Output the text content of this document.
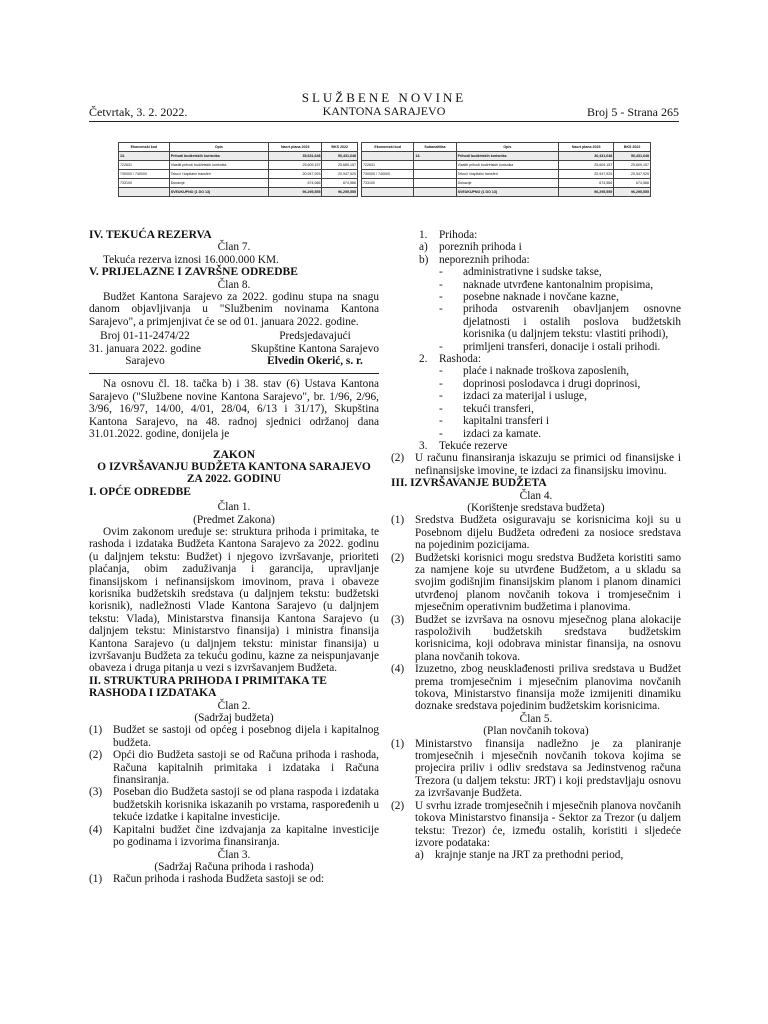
SLUŽBENE NOVINE
KANTONA SARAJEVO
Četvrtak, 3. 2. 2022.	Broj 5 - Strana 265
Ekonomski kod	Opis	Nacrt plana 2023	BKS 2022
13.	Prihodi budžetskih korisnika	35,631,648	50,431,648
722631	Vlastiti prihodi budžetskih korisnika	25,609,157	25,689,157
730000 / 740000	Tekući i kapitalni transferi	20,947,925	20,947,925
733100	Donacije	674,566	674,566
	SVEUKUPNO (1 DO 13)	96,295,555	96,295,555
Ekonomski kod	Subanalitika	Opis	Nacrt plana 2023	BKS 2022
	13.	Prihodi budžetskih korisnika	30,431,648	50,431,648
722631		Vlastiti prihodi budžetskih korisnika	25,609,157	25,609,157
730000 / 740000		Tekući i kapitalni transferi	20,947,925	20,947,925
733100		Donacije	674,566	674,566
		SVEUKUPNO (1 DO 13)	96,295,555	96,295,555

IV. TEKUĆA REZERVA

Član 7.

Tekuća rezerva iznosi 16.000.000 KM.

V. PRIJELAZNE I ZAVRŠNE ODREDBE

Član 8.

Budžet Kantona Sarajevo za 2022. godinu stupa na snagu danom objavljivanja u "Službenim novinama Kantona Sarajevo", a primjenjivat će se od 01. januara 2022. godine.

Broj 01-11-2474/22

31. januara 2022. godine

Sarajevo

Predsjedavajući

Skupštine Kantona Sarajevo

Elvedin Okerić, s. r.

Na osnovu čl. 18. tačka b) i 38. stav (6) Ustava Kantona Sarajevo ("Službene novine Kantona Sarajevo", br. 1/96, 2/96, 3/96, 16/97, 14/00, 4/01, 28/04, 6/13 i 31/17), Skupština Kantona Sarajevo, na 48. radnoj sjednici održanoj dana 31.01.2022. godine, donijela je

ZAKON

O IZVRŠAVANJU BUDŽETA KANTONA SARAJEVO ZA 2022. GODINU

I. OPĆE ODREDBE

Član 1.

(Predmet Zakona)

Ovim zakonom uređuje se: struktura prihoda i primitaka, te rashoda i izdataka Budžeta Kantona Sarajevo za 2022. godinu (u daljnjem tekstu: Budžet) i njegovo izvršavanje, prioriteti plaćanja, obim zaduživanja i garancija, upravljanje finansijskom i nefinansijskom imovinom, prava i obaveze korisnika budžetskih sredstava (u daljnjem tekstu: budžetski korisnik), nadležnosti Vlade Kantona Sarajevo (u daljnjem tekstu: Vlada), Ministarstva finansija Kantona Sarajevo (u daljnjem tekstu: Ministarstvo finansija) i ministra finansija Kantona Sarajevo (u daljnjem tekstu: ministar finansija) u izvršavanju Budžeta za tekuću godinu, kazne za neispunjavanje obaveza i druga pitanja u vezi s izvršavanjem Budžeta.

II. STRUKTURA PRIHODA I PRIMITAKA TE RASHODA I IZDATAKA

Član 2.

(Sadržaj budžeta)

(1) Budžet se sastoji od općeg i posebnog dijela i kapitalnog budžeta.
(2) Opći dio Budžeta sastoji se od Računa prihoda i rashoda, Računa kapitalnih primitaka i izdataka i Računa finansiranja.
(3) Poseban dio Budžeta sastoji se od plana raspoda i izdataka budžetskih korisnika iskazanih po vrstama, raspoređenih u tekuće izdatke i kapitalne investicije.
(4) Kapitalni budžet čine izdvajanja za kapitalne investicije po godinama i izvorima finansiranja.

Član 3.

(Sadržaj Računa prihoda i rashoda)

(1) Račun prihoda i rashoda Budžeta sastoji se od:
1.	Prihoda:
a) poreznih prihoda i
b) neporeznih prihoda:
-	administrativne i sudske takse,
-	naknade utvrđene kantonalnim propisima,
-	posebne naknade i novčane kazne,
-	prihoda ostvarenih obavljanjem osnovne djelatnosti i ostalih poslova budžetskih korisnika (u daljnjem tekstu: vlastiti prihodi),
-	primljeni transferi, donacije i ostali prihodi.
2.	Rashoda:
-	plaće i naknade troškova zaposlenih,
-	doprinosi poslodavca i drugi doprinosi,
-	izdaci za materijal i usluge,
-	tekući transferi,
-	kapitalni transferi i
-	izdaci za kamate.
3.	Tekuće rezerve
(2) U računu finansiranja iskazuju se primici od finansijske i nefinansijske imovine, te izdaci za finansijsku imovinu.

III. IZVRŠAVANJE BUDŽETA

Član 4.

(Korištenje sredstava budžeta)

(1) Sredstva Budžeta osiguravaju se korisnicima koji su u Posebnom dijelu Budžeta određeni za nosioce sredstava na pojedinim pozicijama.
(2) Budžetski korisnici mogu sredstva Budžeta koristiti samo za namjene koje su utvrđene Budžetom, a u skladu sa svojim godišnjim finansijskim planom i planom dinamici utvrđenoj planom novčanih tokova i tromjesečnim i mjesečnim operativnim budžetima i planovima.
(3) Budžet se izvršava na osnovu mjesečnog plana alokacije raspoloživih budžetskih sredstava budžetskim korisnicima, koji odobrava ministar finansija, na osnovu plana novčanih tokova.
(4) Izuzetno, zbog neusklađenosti priliva sredstava u Budžet prema tromjesečnim i mjesečnim planovima novčanih tokova, Ministarstvo finansija može izmijeniti dinamiku doznake sredstava pojedinim budžetskim korisnicima.

Član 5.

(Plan novčanih tokova)

(1) Ministarstvo finansija nadležno je za planiranje tromjesečnih i mjesečnih novčanih tokova kojima se projecira priliv i odliv sredstava sa Jedinstvenog računa Trezora (u daljem tekstu: JRT) i koji predstavljaju osnovu za izvršavanje Budžeta.
(2) U svrhu izrade tromjesečnih i mjesečnih planova novčanih tokova Ministarstvo finansija - Sektor za Trezor (u daljem tekstu: Trezor) će, između ostalih, koristiti i sljedeće izvore podataka:
a) krajnje stanje na JRT za prethodni period,
